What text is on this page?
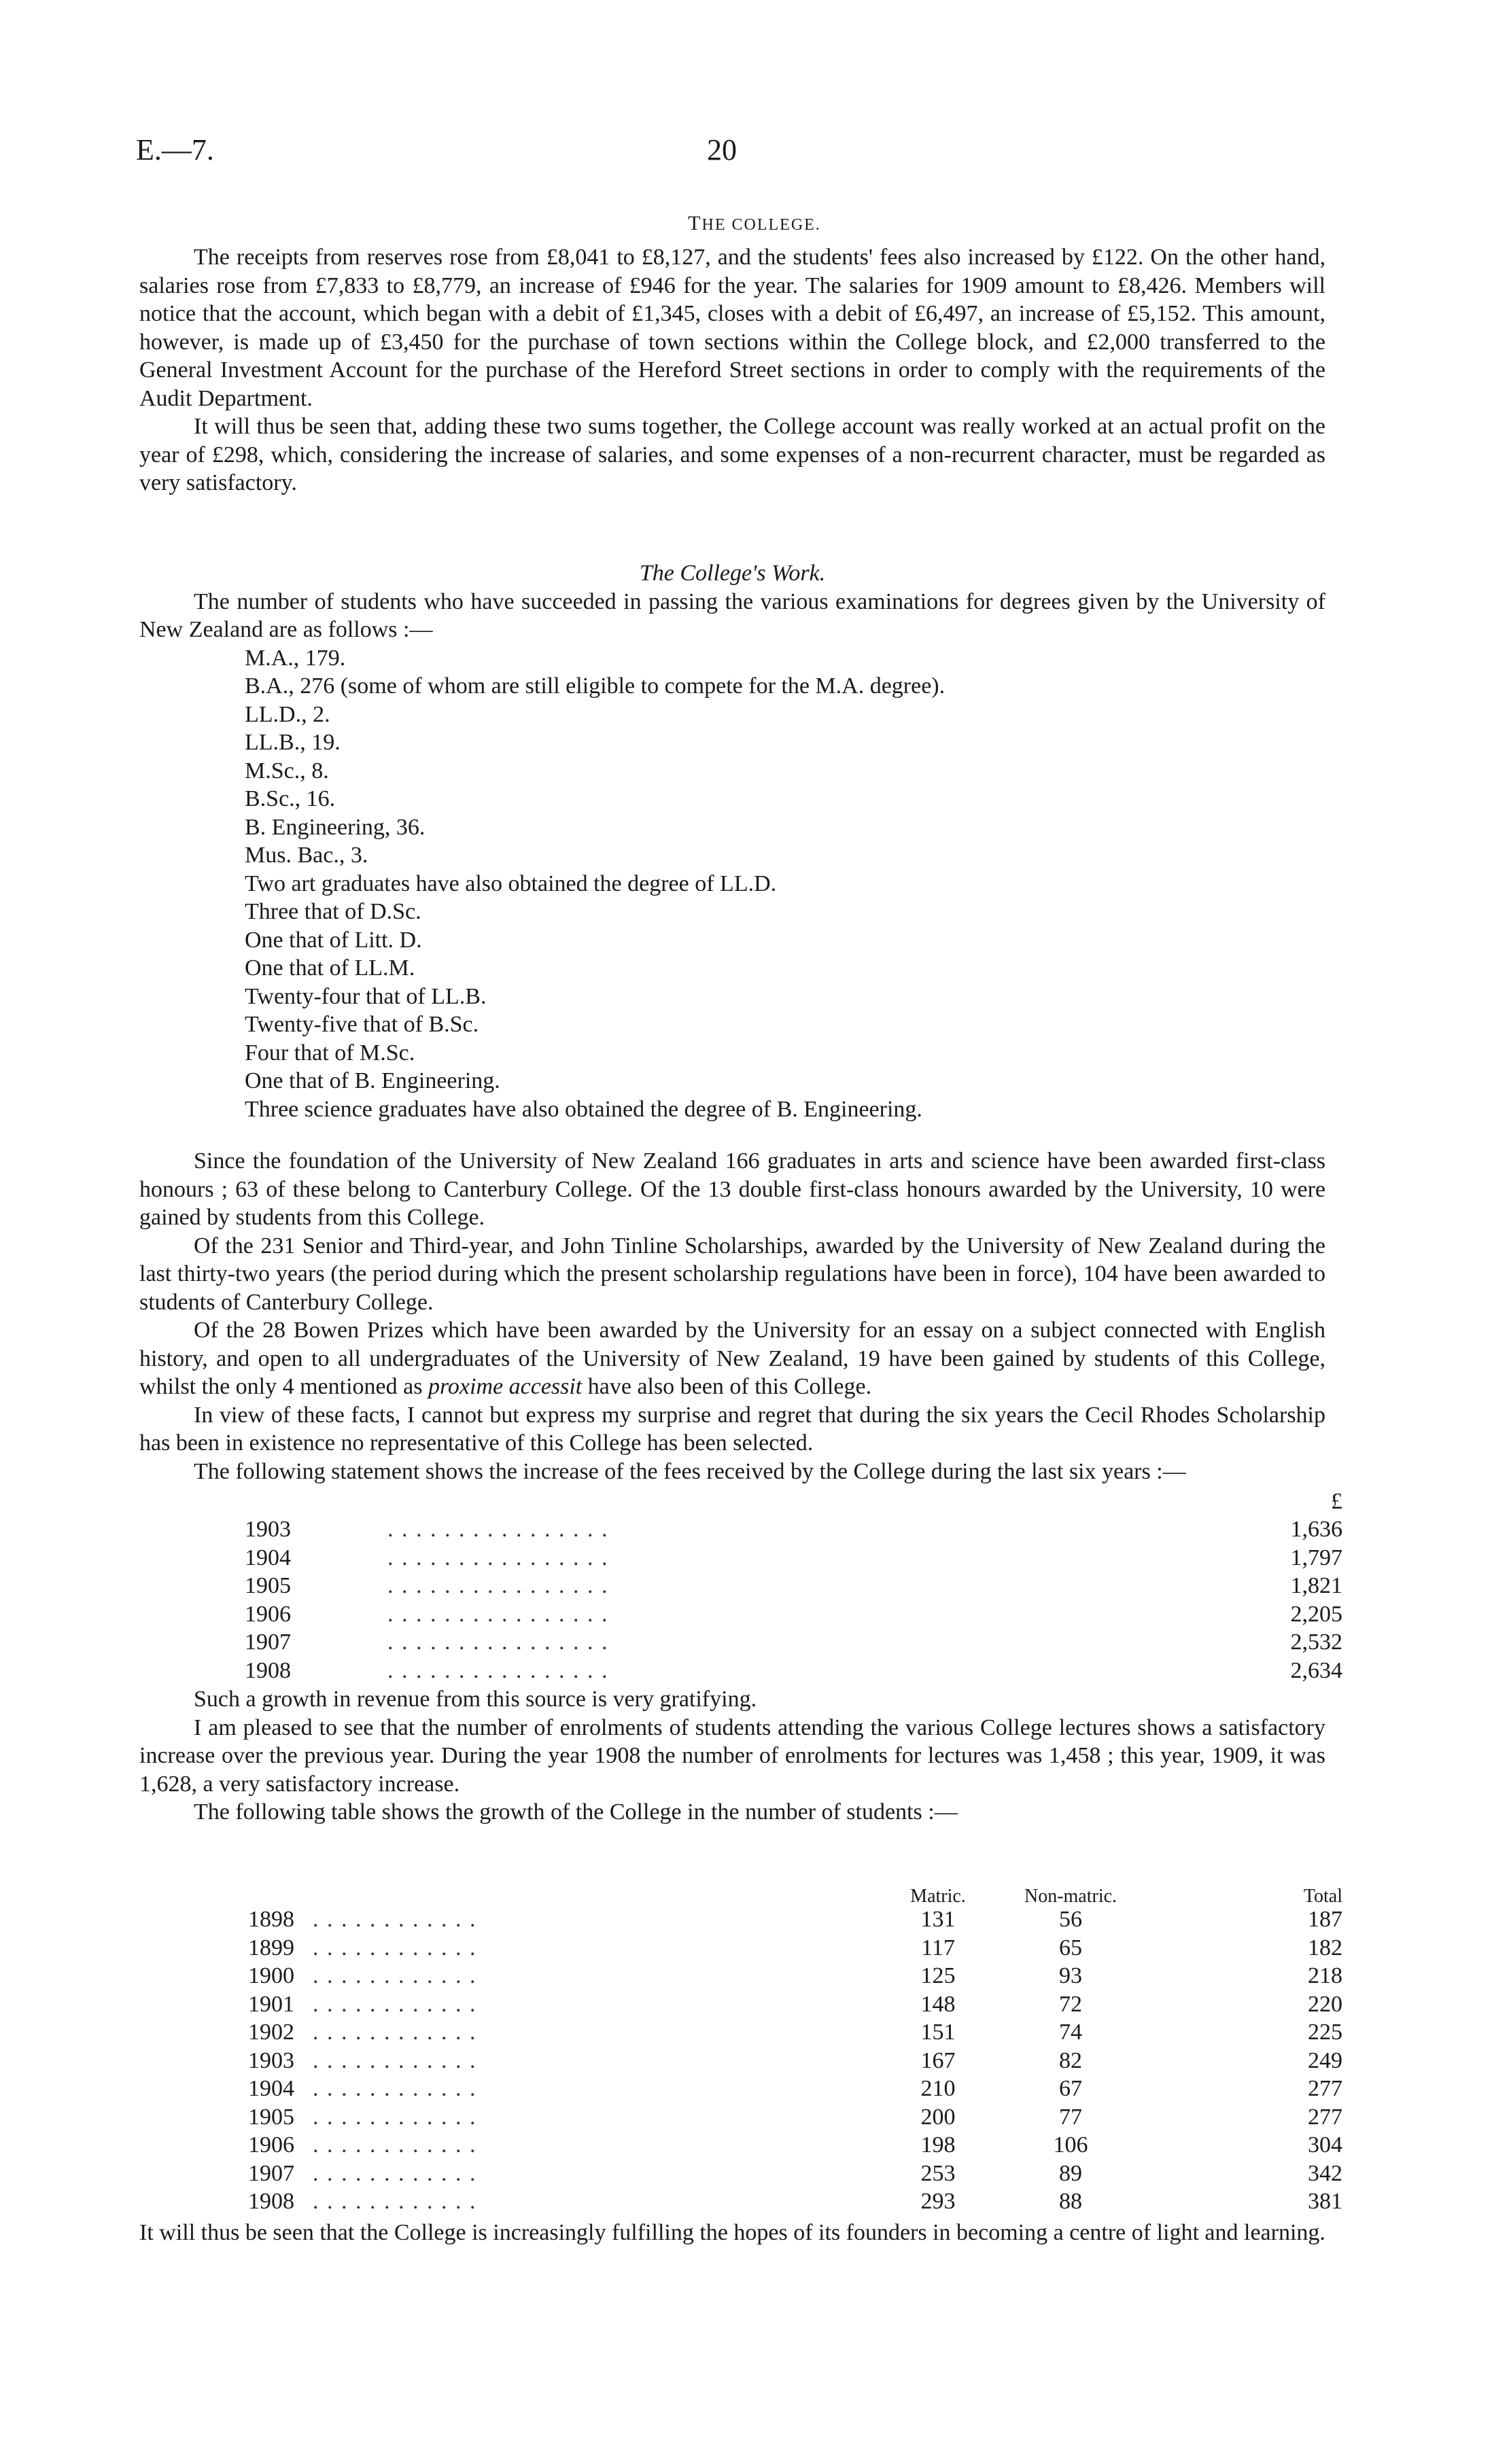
E.—7.	20
THE COLLEGE.

The receipts from reserves rose from £8,041 to £8,127, and the students' fees also increased by £122. On the other hand, salaries rose from £7,833 to £8,779, an increase of £946 for the year. The salaries for 1909 amount to £8,426. Members will notice that the account, which began with a debit of £1,345, closes with a debit of £6,497, an increase of £5,152. This amount, however, is made up of £3,450 for the purchase of town sections within the College block, and £2,000 transferred to the General Investment Account for the purchase of the Hereford Street sections in order to comply with the requirements of the Audit Department.

It will thus be seen that, adding these two sums together, the College account was really worked at an actual profit on the year of £298, which, considering the increase of salaries, and some expenses of a non-recurrent character, must be regarded as very satisfactory.

The College's Work.

The number of students who have succeeded in passing the various examinations for degrees given by the University of New Zealand are as follows :—

M.A., 179.
B.A., 276 (some of whom are still eligible to compete for the M.A. degree).
LL.D., 2.
LL.B., 19.
M.Sc., 8.
B.Sc., 16.
B. Engineering, 36.
Mus. Bac., 3.
Two art graduates have also obtained the degree of LL.D.
Three that of D.Sc.
One that of Litt. D.
One that of LL.M.
Twenty-four that of LL.B.
Twenty-five that of B.Sc.
Four that of M.Sc.
One that of B. Engineering.
Three science graduates have also obtained the degree of B. Engineering.

Since the foundation of the University of New Zealand 166 graduates in arts and science have been awarded first-class honours ; 63 of these belong to Canterbury College. Of the 13 double first-class honours awarded by the University, 10 were gained by students from this College.

Of the 231 Senior and Third-year, and John Tinline Scholarships, awarded by the University of New Zealand during the last thirty-two years (the period during which the present scholarship regulations have been in force), 104 have been awarded to students of Canterbury College.

Of the 28 Bowen Prizes which have been awarded by the University for an essay on a subject connected with English history, and open to all undergraduates of the University of New Zealand, 19 have been gained by students of this College, whilst the only 4 mentioned as proxime accessit have also been of this College.

In view of these facts, I cannot but express my surprise and regret that during the six years the Cecil Rhodes Scholarship has been in existence no representative of this College has been selected.

The following statement shows the increase of the fees received by the College during the last six years :—

£
1903	. . . . . . . . . . . . . . . .	1,636
1904	. . . . . . . . . . . . . . . .	1,797
1905	. . . . . . . . . . . . . . . .	1,821
1906	. . . . . . . . . . . . . . . .	2,205
1907	. . . . . . . . . . . . . . . .	2,532
1908	. . . . . . . . . . . . . . . .	2,634

Such a growth in revenue from this source is very gratifying.

I am pleased to see that the number of enrolments of students attending the various College lectures shows a satisfactory increase over the previous year. During the year 1908 the number of enrolments for lectures was 1,458 ; this year, 1909, it was 1,628, a very satisfactory increase.

The following table shows the growth of the College in the number of students :—

Matric.	Non-matric.	Total
1898 . . . . . . . . . . . .	131	56	187
1899 . . . . . . . . . . . .	117	65	182
1900 . . . . . . . . . . . .	125	93	218
1901 . . . . . . . . . . . .	148	72	220
1902 . . . . . . . . . . . .	151	74	225
1903 . . . . . . . . . . . .	167	82	249
1904 . . . . . . . . . . . .	210	67	277
1905 . . . . . . . . . . . .	200	77	277
1906 . . . . . . . . . . . .	198	106	304
1907 . . . . . . . . . . . .	253	89	342
1908 . . . . . . . . . . . .	293	88	381

It will thus be seen that the College is increasingly fulfilling the hopes of its founders in becoming a centre of light and learning.
